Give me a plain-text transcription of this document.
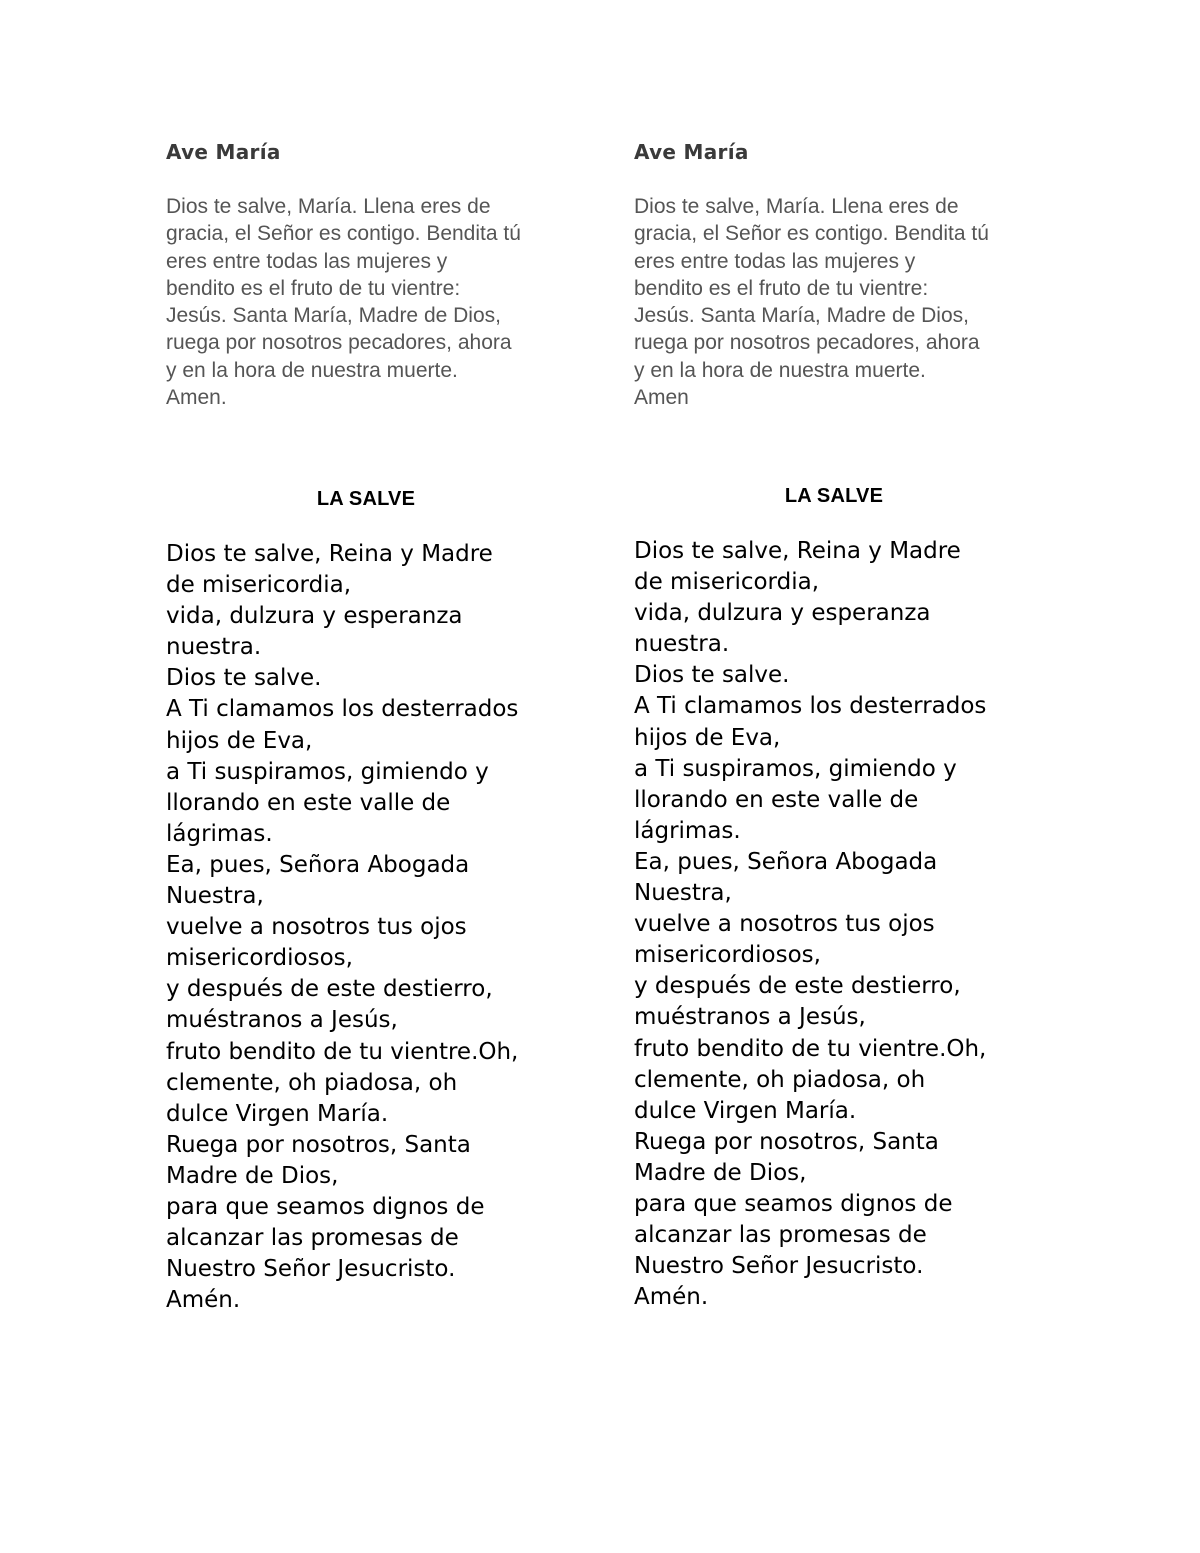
Ave María

Dios te salve, María. Llena eres de
gracia, el Señor es contigo. Bendita tú
eres entre todas las mujeres y
bendito es el fruto de tu vientre:
Jesús. Santa María, Madre de Dios,
ruega por nosotros pecadores, ahora
y en la hora de nuestra muerte.
Amen.

LA SALVE

Dios te salve, Reina y Madre
de misericordia,
vida, dulzura y esperanza
nuestra.
Dios te salve.
A Ti clamamos los desterrados
hijos de Eva,
a Ti suspiramos, gimiendo y
llorando en este valle de
lágrimas.
Ea, pues, Señora Abogada
Nuestra,
vuelve a nosotros tus ojos
misericordiosos,
y después de este destierro,
muéstranos a Jesús,
fruto bendito de tu vientre.Oh,
clemente, oh piadosa, oh
dulce Virgen María.
Ruega por nosotros, Santa
Madre de Dios,
para que seamos dignos de
alcanzar las promesas de
Nuestro Señor Jesucristo.
Amén.

Ave María

Dios te salve, María. Llena eres de
gracia, el Señor es contigo. Bendita tú
eres entre todas las mujeres y
bendito es el fruto de tu vientre:
Jesús. Santa María, Madre de Dios,
ruega por nosotros pecadores, ahora
y en la hora de nuestra muerte.
Amen

LA SALVE

Dios te salve, Reina y Madre
de misericordia,
vida, dulzura y esperanza
nuestra.
Dios te salve.
A Ti clamamos los desterrados
hijos de Eva,
a Ti suspiramos, gimiendo y
llorando en este valle de
lágrimas.
Ea, pues, Señora Abogada
Nuestra,
vuelve a nosotros tus ojos
misericordiosos,
y después de este destierro,
muéstranos a Jesús,
fruto bendito de tu vientre.Oh,
clemente, oh piadosa, oh
dulce Virgen María.
Ruega por nosotros, Santa
Madre de Dios,
para que seamos dignos de
alcanzar las promesas de
Nuestro Señor Jesucristo.
Amén.
